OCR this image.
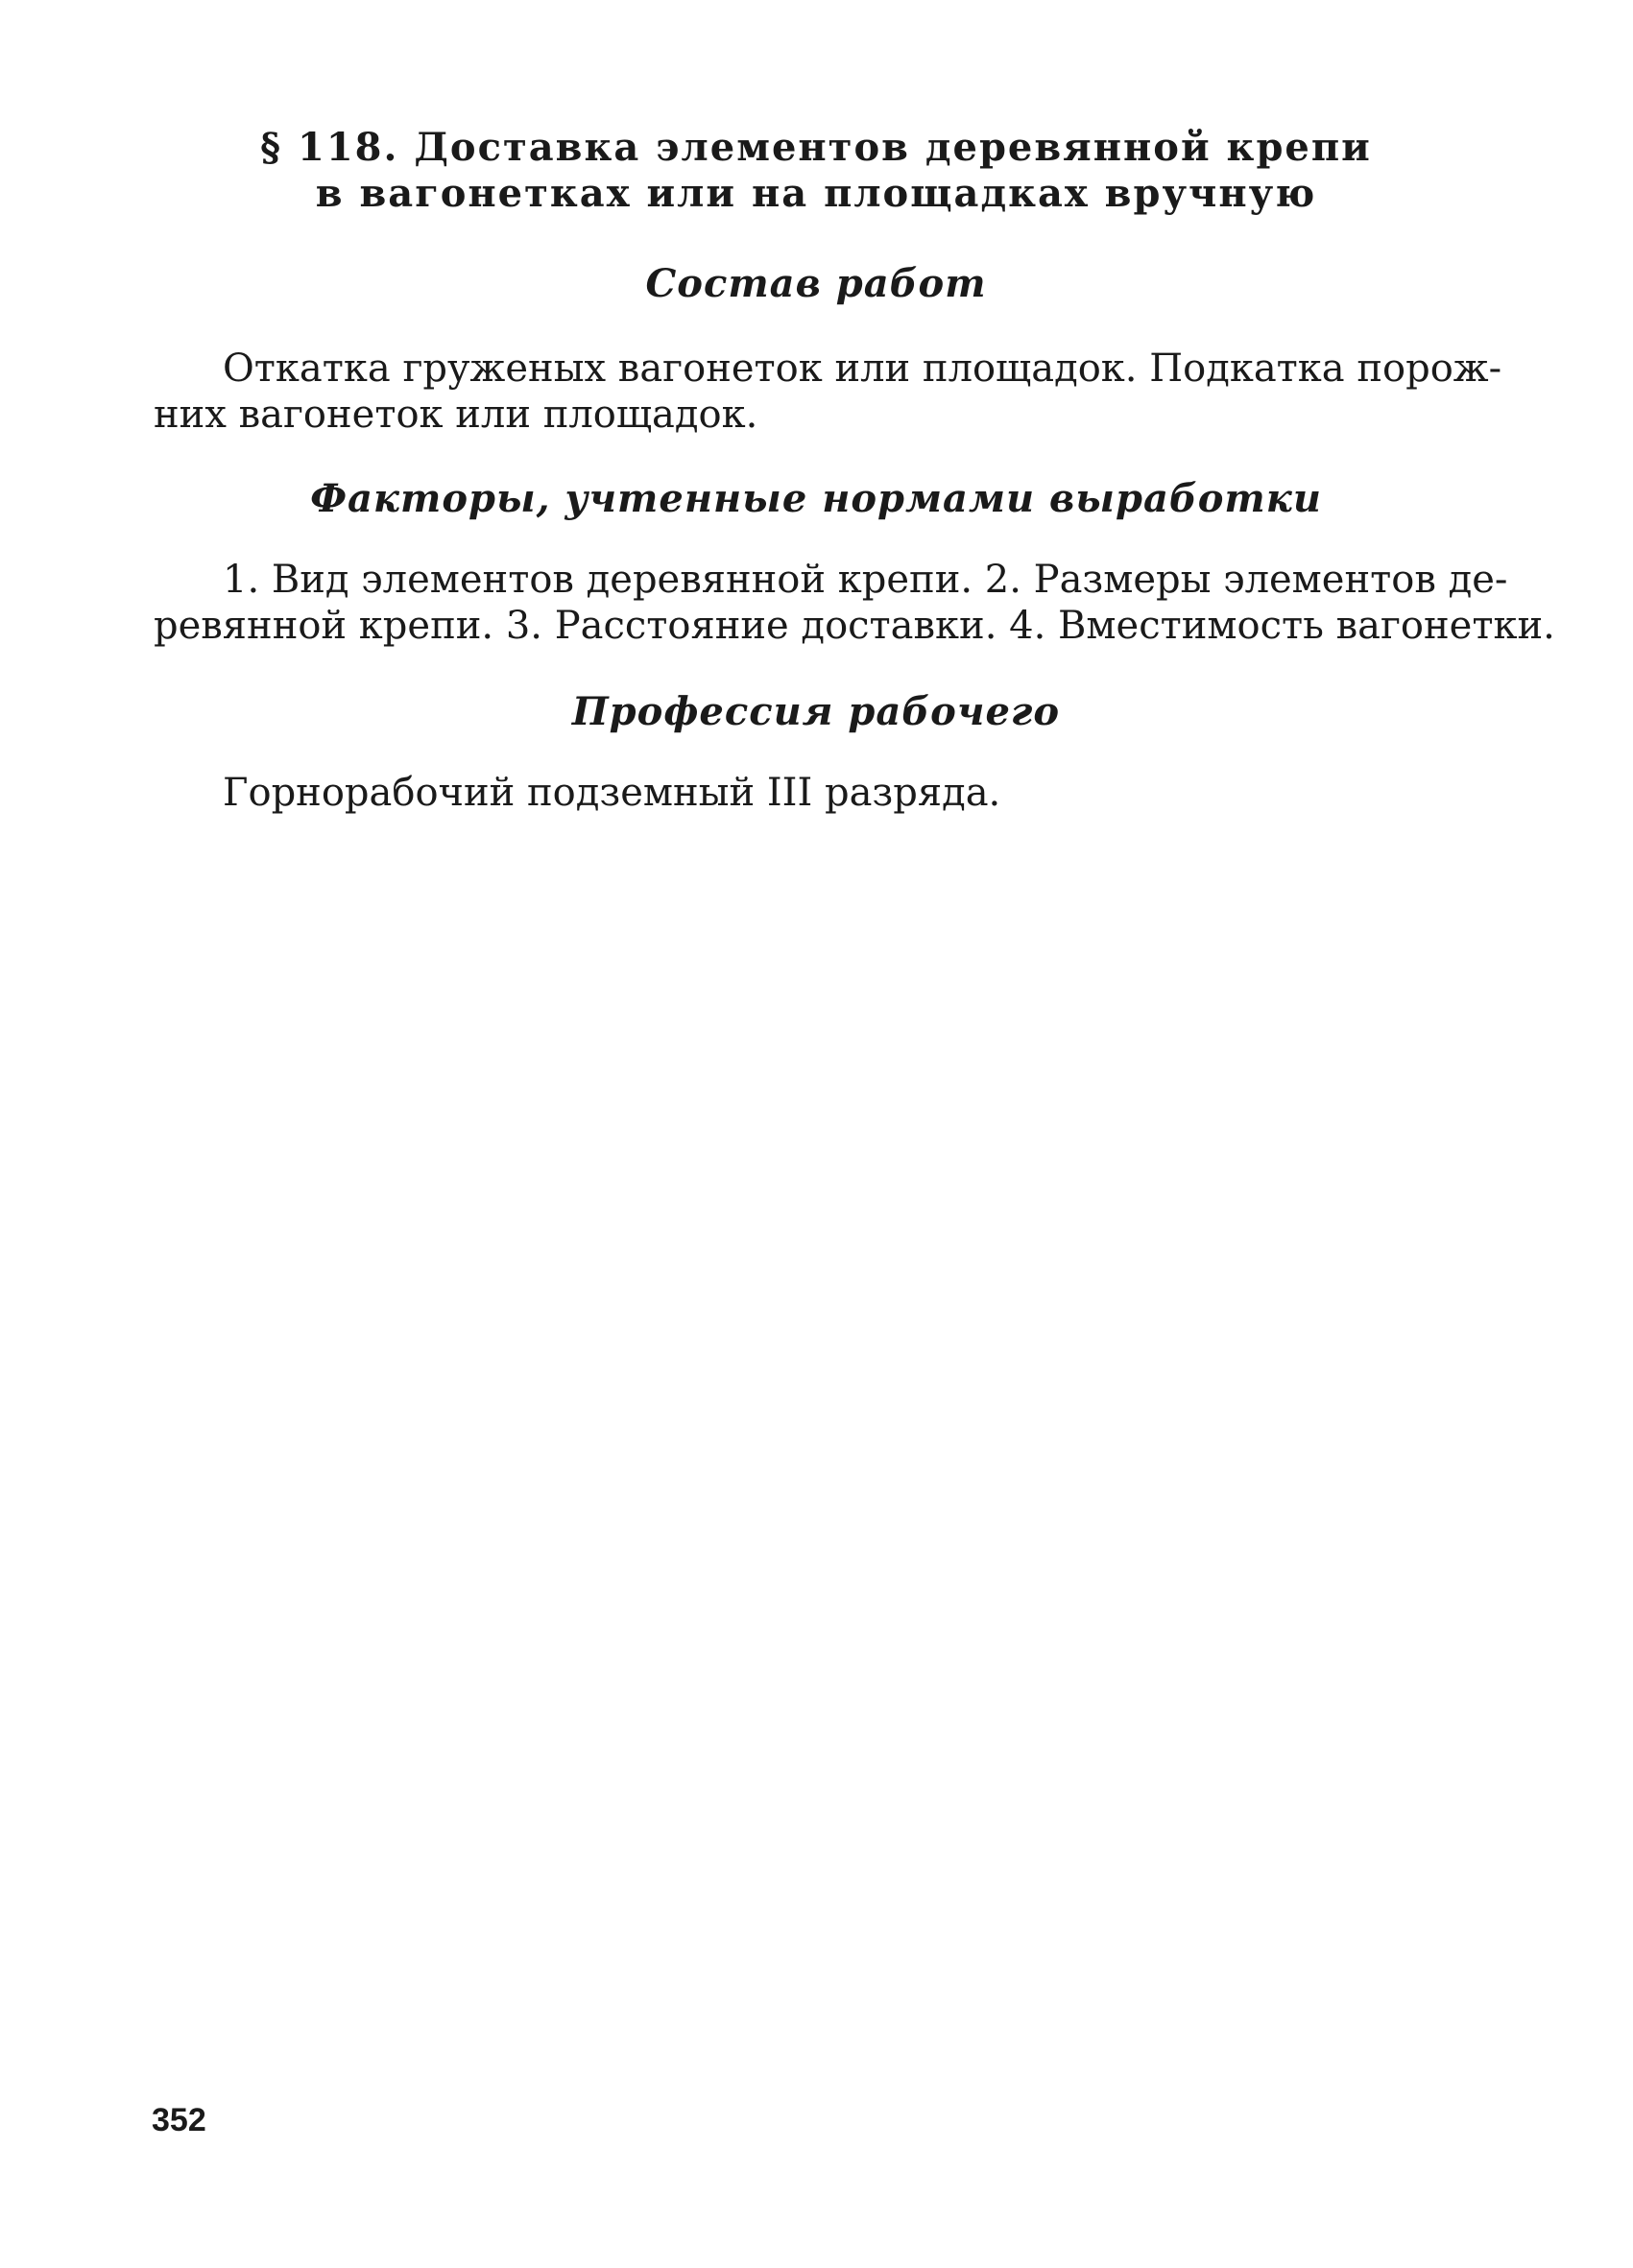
§ 118. Доставка элементов деревянной крепи
в вагонетках или на площадках вручную
Состав работ

Откатка груженых вагонеток или площадок. Подкатка порож-
них вагонеток или площадок.

Факторы, учтенные нормами выработки

1. Вид элементов деревянной крепи. 2. Размеры элементов де-
ревянной крепи. 3. Расстояние доставки. 4. Вместимость вагонетки.

Профессия рабочего

Горнорабочий подземный III разряда.

352
